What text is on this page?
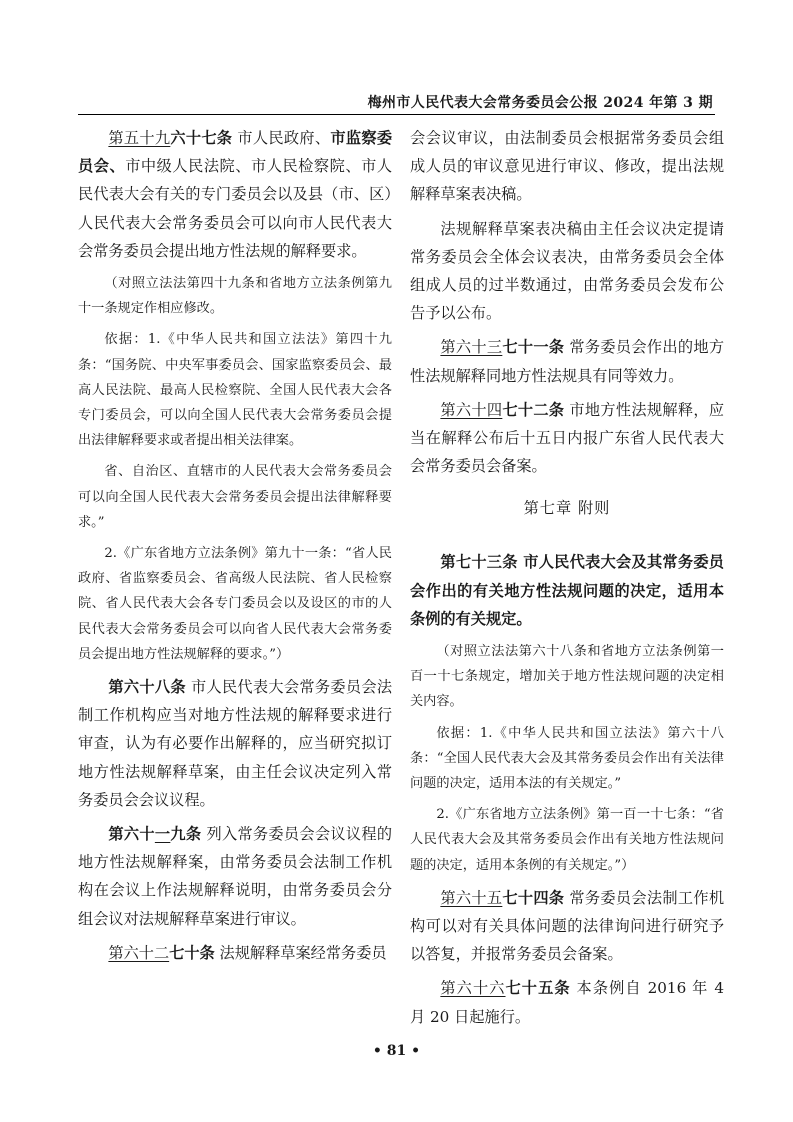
梅州市人民代表大会常务委员会公报 2024 年第 3 期

第五十九六十七条 市人民政府、市监察委员会、市中级人民法院、市人民检察院、市人民代表大会有关的专门委员会以及县（市、区）人民代表大会常务委员会可以向市人民代表大会常务委员会提出地方性法规的解释要求。

（对照立法法第四十九条和省地方立法条例第九十一条规定作相应修改。

依据：1.《中华人民共和国立法法》第四十九条：“国务院、中央军事委员会、国家监察委员会、最高人民法院、最高人民检察院、全国人民代表大会各专门委员会，可以向全国人民代表大会常务委员会提出法律解释要求或者提出相关法律案。

省、自治区、直辖市的人民代表大会常务委员会可以向全国人民代表大会常务委员会提出法律解释要求。”

2.《广东省地方立法条例》第九十一条：“省人民政府、省监察委员会、省高级人民法院、省人民检察院、省人民代表大会各专门委员会以及设区的市的人民代表大会常务委员会可以向省人民代表大会常务委员会提出地方性法规解释的要求。”）

第六十八条 市人民代表大会常务委员会法制工作机构应当对地方性法规的解释要求进行审查，认为有必要作出解释的，应当研究拟订地方性法规解释草案，由主任会议决定列入常务委员会会议议程。

第六十一九条 列入常务委员会会议议程的地方性法规解释案，由常务委员会法制工作机构在会议上作法规解释说明，由常务委员会分组会议对法规解释草案进行审议。

第六十二七十条 法规解释草案经常务委员

会会议审议，由法制委员会根据常务委员会组成人员的审议意见进行审议、修改，提出法规解释草案表决稿。

法规解释草案表决稿由主任会议决定提请常务委员会全体会议表决，由常务委员会全体组成人员的过半数通过，由常务委员会发布公告予以公布。

第六十三七十一条 常务委员会作出的地方性法规解释同地方性法规具有同等效力。

第六十四七十二条 市地方性法规解释，应当在解释公布后十五日内报广东省人民代表大会常务委员会备案。

第七章 附则

第七十三条 市人民代表大会及其常务委员会作出的有关地方性法规问题的决定，适用本条例的有关规定。

（对照立法法第六十八条和省地方立法条例第一百一十七条规定，增加关于地方性法规问题的决定相关内容。

依据：1.《中华人民共和国立法法》第六十八条：“全国人民代表大会及其常务委员会作出有关法律问题的决定，适用本法的有关规定。”

2.《广东省地方立法条例》第一百一十七条：“省人民代表大会及其常务委员会作出有关地方性法规问题的决定，适用本条例的有关规定。”）

第六十五七十四条 常务委员会法制工作机构可以对有关具体问题的法律询问进行研究予以答复，并报常务委员会备案。

第六十六七十五条 本条例自 2016 年 4 月 20 日起施行。

• 81 •
